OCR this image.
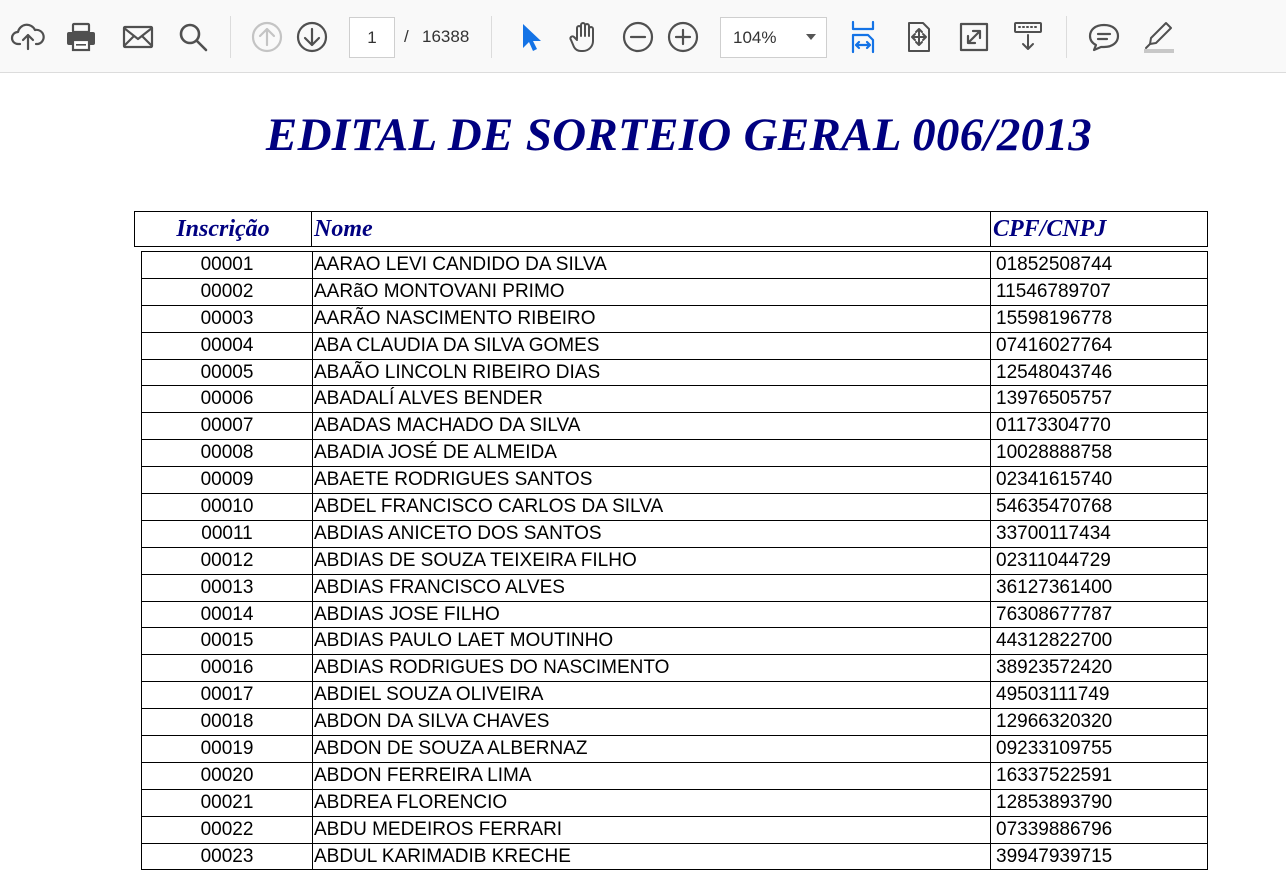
1	/ 16388	104%
EDITAL DE SORTEIO GERAL 006/2013
Inscrição	Nome	CPF/CNPJ
00001	AARAO LEVI CANDIDO DA SILVA	01852508744
00002	AARãO MONTOVANI PRIMO	11546789707
00003	AARÃO NASCIMENTO RIBEIRO	15598196778
00004	ABA CLAUDIA DA SILVA GOMES	07416027764
00005	ABAÃO LINCOLN RIBEIRO DIAS	12548043746
00006	ABADALÍ ALVES BENDER	13976505757
00007	ABADAS MACHADO DA SILVA	01173304770
00008	ABADIA JOSÉ DE ALMEIDA	10028888758
00009	ABAETE RODRIGUES SANTOS	02341615740
00010	ABDEL FRANCISCO CARLOS DA SILVA	54635470768
00011	ABDIAS ANICETO DOS SANTOS	33700117434
00012	ABDIAS DE SOUZA TEIXEIRA FILHO	02311044729
00013	ABDIAS FRANCISCO ALVES	36127361400
00014	ABDIAS JOSE FILHO	76308677787
00015	ABDIAS PAULO LAET MOUTINHO	44312822700
00016	ABDIAS RODRIGUES DO NASCIMENTO	38923572420
00017	ABDIEL SOUZA OLIVEIRA	49503111749
00018	ABDON DA SILVA CHAVES	12966320320
00019	ABDON DE SOUZA ALBERNAZ	09233109755
00020	ABDON FERREIRA LIMA	16337522591
00021	ABDREA FLORENCIO	12853893790
00022	ABDU MEDEIROS FERRARI	07339886796
00023	ABDUL KARIMADIB KRECHE	39947939715
